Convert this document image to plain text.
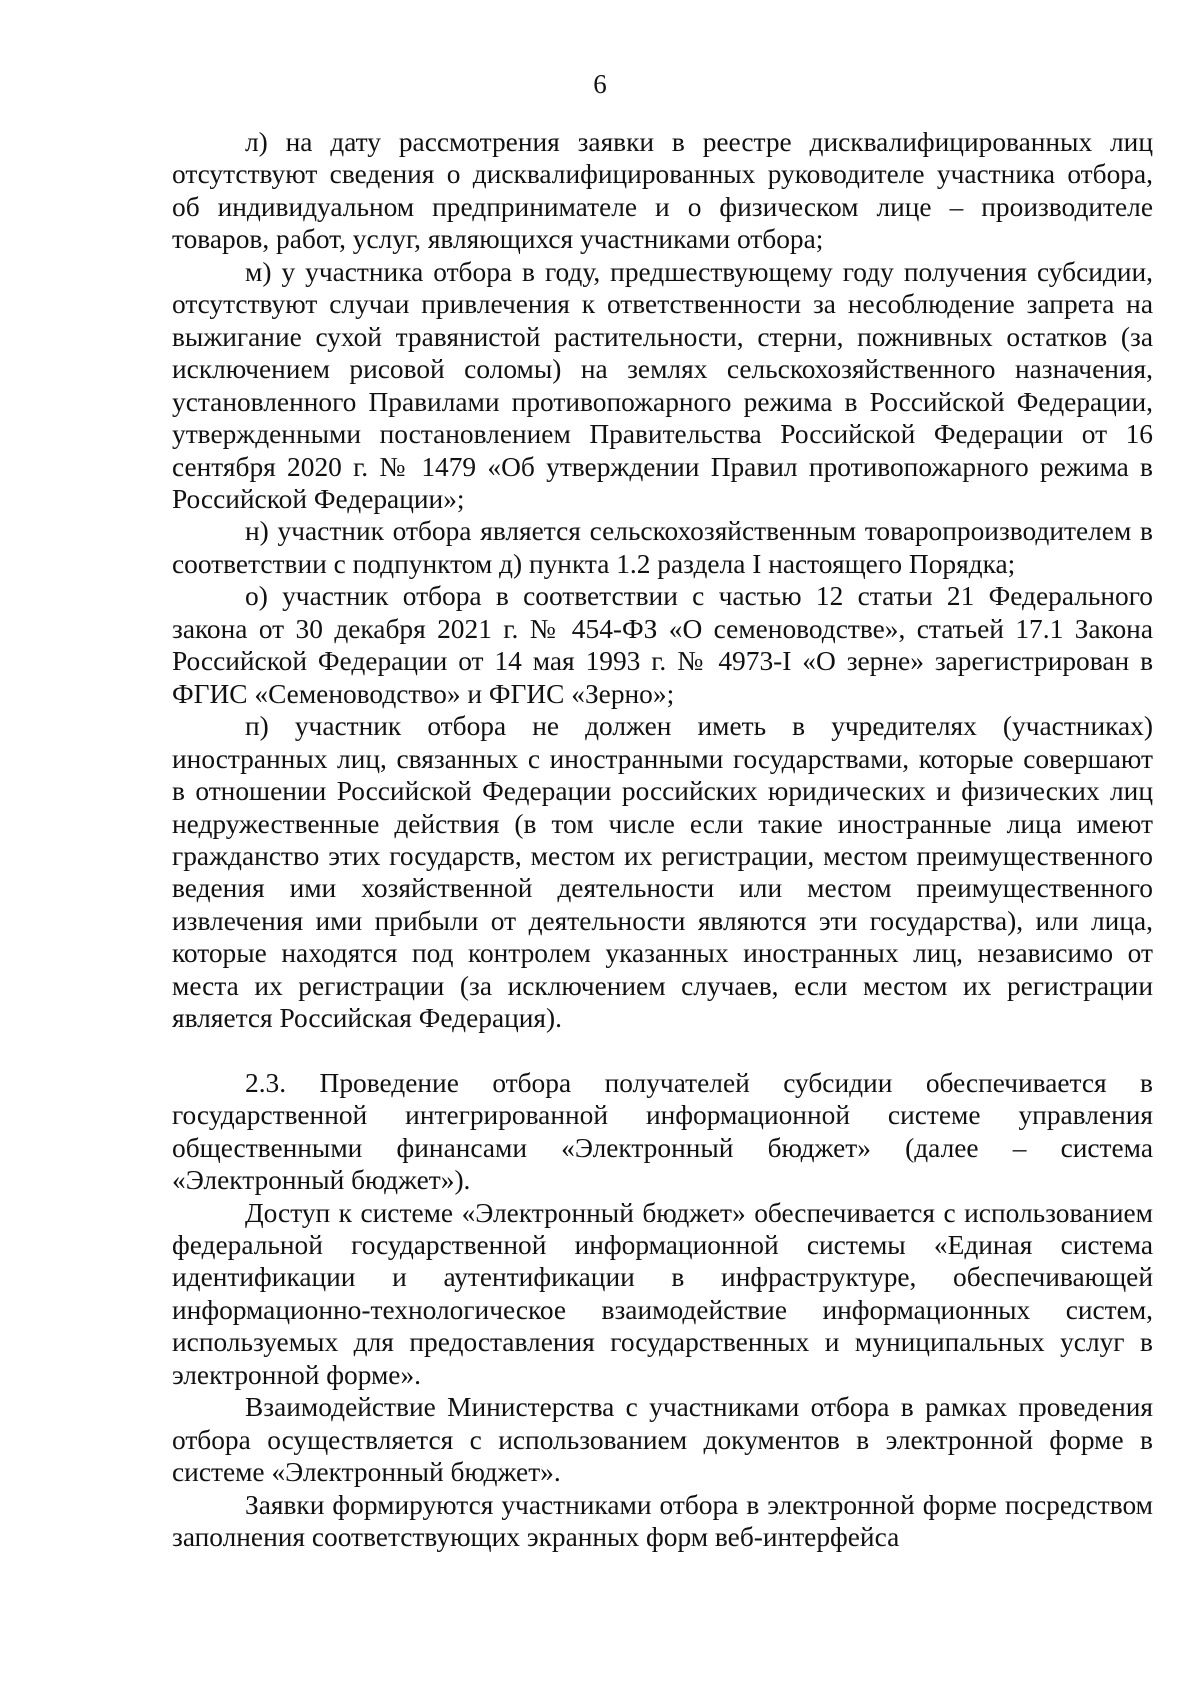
6

л) на дату рассмотрения заявки в реестре дисквалифицированных лиц отсутствуют сведения о дисквалифицированных руководителе участника отбора, об индивидуальном предпринимателе и о физическом лице – производителе товаров, работ, услуг, являющихся участниками отбора;

м) у участника отбора в году, предшествующему году получения субсидии, отсутствуют случаи привлечения к ответственности за несоблюдение запрета на выжигание сухой травянистой растительности, стерни, пожнивных остатков (за исключением рисовой соломы) на землях сельскохозяйственного назначения, установленного Правилами противопожарного режима в Российской Федерации, утвержденными постановлением Правительства Российской Федерации от 16 сентября 2020 г. № 1479 «Об утверждении Правил противопожарного режима в Российской Федерации»;

н) участник отбора является сельскохозяйственным товаропроизводителем в соответствии с подпунктом д) пункта 1.2 раздела I настоящего Порядка;

о) участник отбора в соответствии с частью 12 статьи 21 Федерального закона от 30 декабря 2021 г. № 454-ФЗ «О семеноводстве», статьей 17.1 Закона Российской Федерации от 14 мая 1993 г. № 4973-I «О зерне» зарегистрирован в ФГИС «Семеноводство» и ФГИС «Зерно»;

п) участник отбора не должен иметь в учредителях (участниках) иностранных лиц, связанных с иностранными государствами, которые совершают в отношении Российской Федерации российских юридических и физических лиц недружественные действия (в том числе если такие иностранные лица имеют гражданство этих государств, местом их регистрации, местом преимущественного ведения ими хозяйственной деятельности или местом преимущественного извлечения ими прибыли от деятельности являются эти государства), или лица, которые находятся под контролем указанных иностранных лиц, независимо от места их регистрации (за исключением случаев, если местом их регистрации является Российская Федерация).

2.3. Проведение отбора получателей субсидии обеспечивается в государственной интегрированной информационной системе управления общественными финансами «Электронный бюджет» (далее – система «Электронный бюджет»).

Доступ к системе «Электронный бюджет» обеспечивается с использованием федеральной государственной информационной системы «Единая система идентификации и аутентификации в инфраструктуре, обеспечивающей информационно-технологическое взаимодействие информационных систем, используемых для предоставления государственных и муниципальных услуг в электронной форме».

Взаимодействие Министерства с участниками отбора в рамках проведения отбора осуществляется с использованием документов в электронной форме в системе «Электронный бюджет».

Заявки формируются участниками отбора в электронной форме посредством заполнения соответствующих экранных форм веб-интерфейса
